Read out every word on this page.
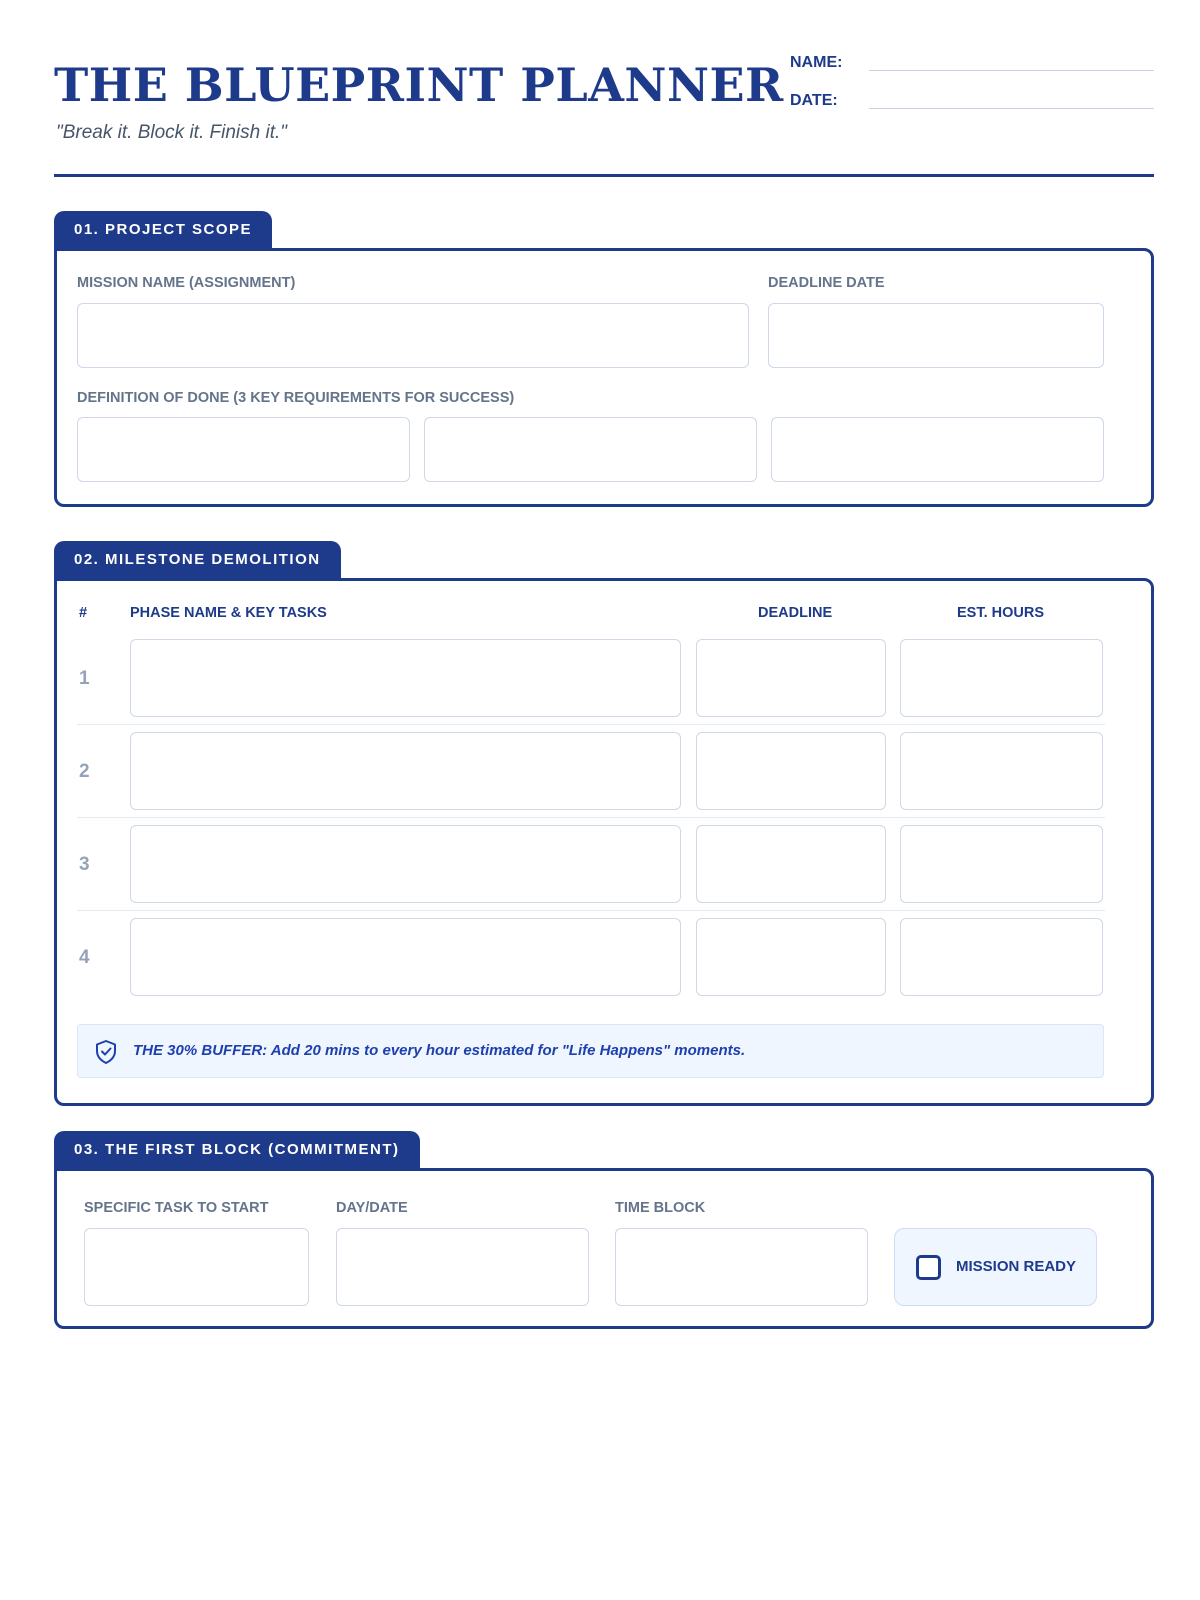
THE BLUEPRINT PLANNER
"Break it. Block it. Finish it."
NAME:
DATE:
01. PROJECT SCOPE
MISSION NAME (ASSIGNMENT)	DEADLINE DATE
DEFINITION OF DONE (3 KEY REQUIREMENTS FOR SUCCESS)
02. MILESTONE DEMOLITION
#	PHASE NAME & KEY TASKS	DEADLINE	EST. HOURS
1
2
3
4
THE 30% BUFFER: Add 20 mins to every hour estimated for "Life Happens" moments.
03. THE FIRST BLOCK (COMMITMENT)
SPECIFIC TASK TO START	DAY/DATE	TIME BLOCK
MISSION READY
